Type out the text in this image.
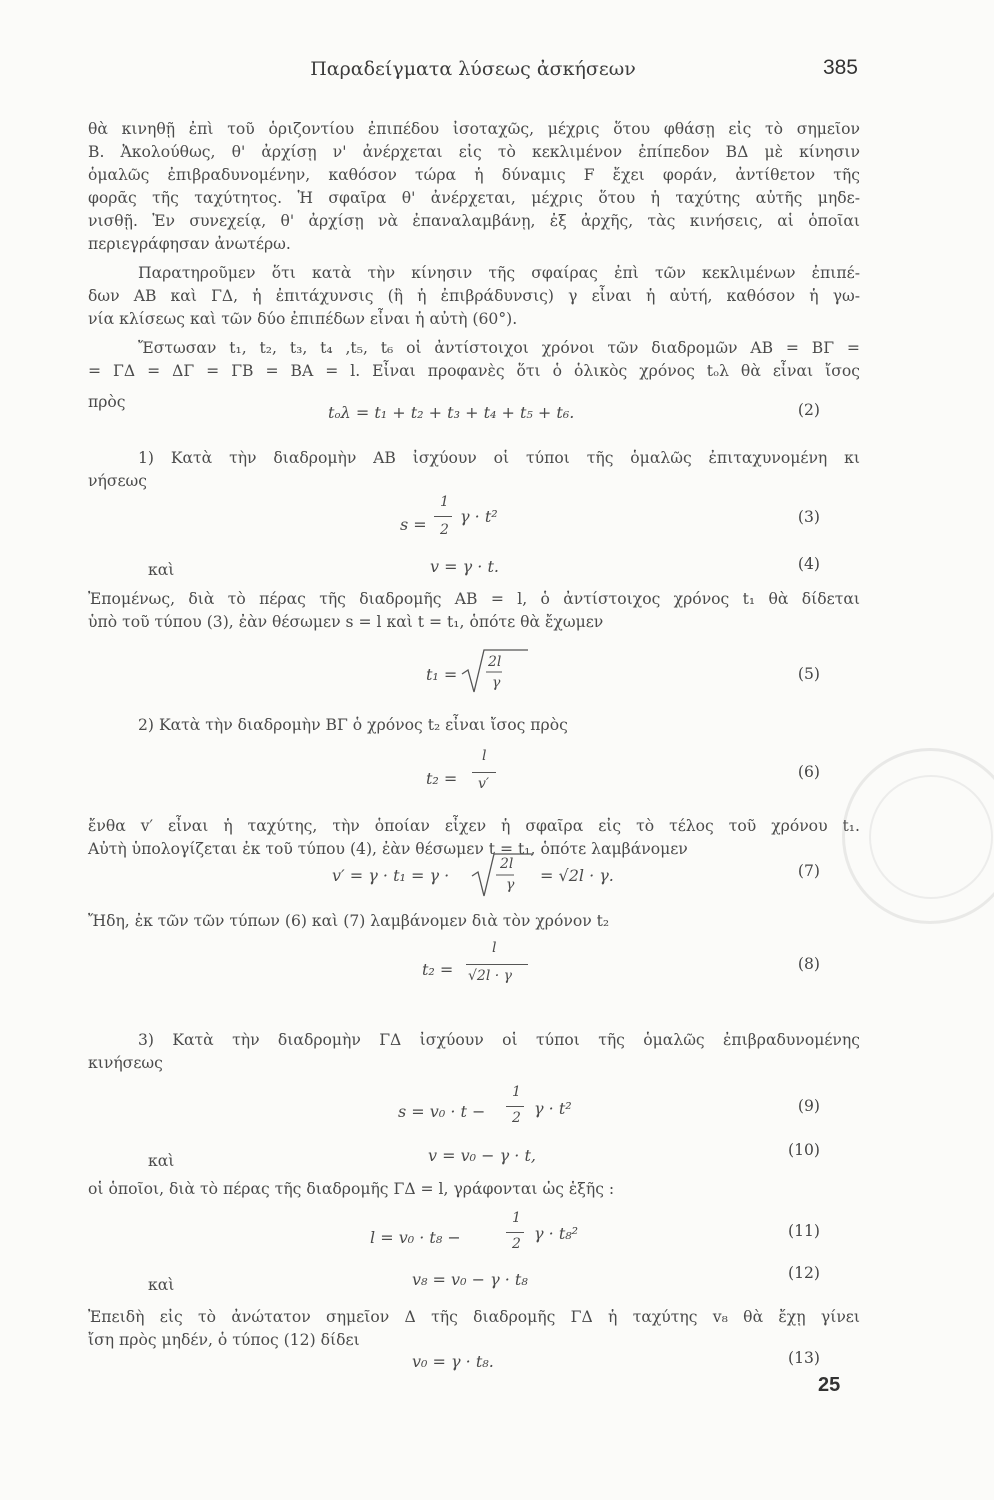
Παραδείγματα λύσεως ἀσκήσεων	385
θὰ κινηθῇ ἐπὶ τοῦ ὁριζοντίου ἐπιπέδου ἰσοταχῶς, μέχρις ὅτου φθάσῃ εἰς τὸ σημεῖον
Β. Ἀκολούθως, θ' ἀρχίσῃ ν' ἀνέρχεται εἰς τὸ κεκλιμένον ἐπίπεδον ΒΔ μὲ κίνησιν
ὁμαλῶς ἐπιβραδυνομένην, καθόσον τώρα ἡ δύναμις F ἔχει φοράν, ἀντίθετον τῆς
φορᾶς τῆς ταχύτητος. Ἡ σφαῖρα θ' ἀνέρχεται, μέχρις ὅτου ἡ ταχύτης αὐτῆς μηδε-
νισθῇ. Ἐν συνεχείᾳ, θ' ἀρχίσῃ νὰ ἐπαναλαμβάνῃ, ἐξ ἀρχῆς, τὰς κινήσεις, αἱ ὁποῖαι
περιεγράφησαν ἀνωτέρω.
Παρατηροῦμεν ὅτι κατὰ τὴν κίνησιν τῆς σφαίρας ἐπὶ τῶν κεκλιμένων ἐπιπέ-
δων ΑΒ καὶ ΓΔ, ἡ ἐπιτάχυνσις (ἢ ἡ ἐπιβράδυνσις) γ εἶναι ἡ αὐτή, καθόσον ἡ γω-
νία κλίσεως καὶ τῶν δύο ἐπιπέδων εἶναι ἡ αὐτὴ (60°).
Ἔστωσαν t₁, t₂, t₃, t₄ ,t₅, t₆ οἱ ἀντίστοιχοι χρόνοι τῶν διαδρομῶν ΑΒ = ΒΓ =
= ΓΔ = ΔΓ = ΓΒ = ΒΑ = l. Εἶναι προφανὲς ὅτι ὁ ὁλικὸς χρόνος tₒλ θὰ εἶναι ἴσος
πρὸς
tₒλ = t₁ + t₂ + t₃ + t₄ + t₅ + t₆.	(2)
1) Κατὰ τὴν διαδρομὴν ΑΒ ἰσχύουν οἱ τύποι τῆς ὁμαλῶς ἐπιταχυνομένη κι
νήσεως
s =
1
2
γ · t²	(3)
καὶ	v = γ · t.	(4)
Ἐπομένως, διὰ τὸ πέρας τῆς διαδρομῆς ΑΒ = l, ὁ ἀντίστοιχος χρόνος t₁ θὰ δίδεται
ὑπὸ τοῦ τύπου (3), ἐὰν θέσωμεν s = l καὶ t = t₁, ὁπότε θὰ ἔχωμεν
t₁ =
2l
γ	(5)
2) Κατὰ τὴν διαδρομὴν ΒΓ ὁ χρόνος t₂ εἶναι ἴσος πρὸς
t₂ =
l
v′
(6)
ἔνθα v′ εἶναι ἡ ταχύτης, τὴν ὁποίαν εἶχεν ἡ σφαῖρα εἰς τὸ τέλος τοῦ χρόνου t₁.
Αὐτὴ ὑπολογίζεται ἐκ τοῦ τύπου (4), ἐὰν θέσωμεν t = t₁, ὁπότε λαμβάνομεν
v′ = γ · t₁ = γ ·
2l
γ = √2l · γ.	(7)
Ἤδη, ἐκ τῶν τῶν τύπων (6) καὶ (7) λαμβάνομεν διὰ τὸν χρόνον t₂
t₂ =
l
√2l · γ
(8)
3) Κατὰ τὴν διαδρομὴν ΓΔ ἰσχύουν οἱ τύποι τῆς ὁμαλῶς ἐπιβραδυνομένης
κινήσεως
s = v₀ · t −
1
2 γ · t²	(9)
καὶ	v = v₀ − γ · t,	(10)
οἱ ὁποῖοι, διὰ τὸ πέρας τῆς διαδρομῆς ΓΔ = l, γράφονται ὡς ἑξῆς :
l = v₀ · t₈ −
1
2
γ · t₈²	(11)
καὶ	v₈ = v₀ − γ · t₈	(12)
Ἐπειδὴ εἰς τὸ ἀνώτατον σημεῖον Δ τῆς διαδρομῆς ΓΔ ἡ ταχύτης v₈ θὰ ἔχῃ γίνει
ἴση πρὸς μηδέν, ὁ τύπος (12) δίδει
v₀ = γ · t₈.	(13)
25
